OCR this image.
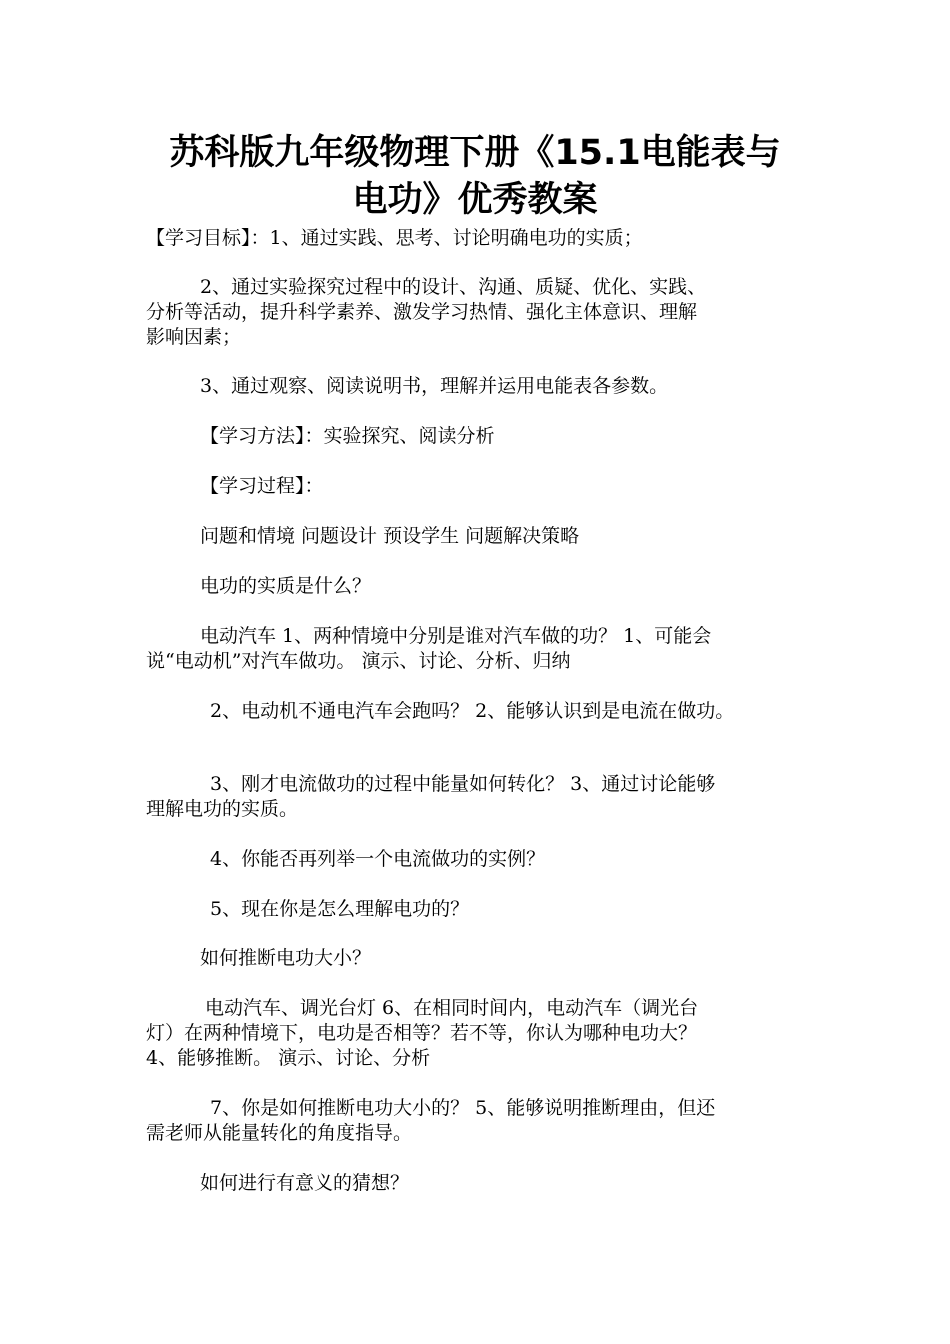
苏科版九年级物理下册《15.1电能表与
电功》优秀教案

【学习目标】：1、通过实践、思考、讨论明确电功的实质；

2、通过实验探究过程中的设计、沟通、质疑、优化、实践、

分析等活动，提升科学素养、激发学习热情、强化主体意识、理解

影响因素；

3、通过观察、阅读说明书，理解并运用电能表各参数。

【学习方法】：实验探究、阅读分析

【学习过程】：

问题和情境 问题设计 预设学生 问题解决策略

电功的实质是什么？

电动汽车 1、两种情境中分别是谁对汽车做的功？ 1、可能会

说“电动机”对汽车做功。 演示、讨论、分析、归纳

2、电动机不通电汽车会跑吗？ 2、能够认识到是电流在做功。

3、刚才电流做功的过程中能量如何转化？ 3、通过讨论能够

理解电功的实质。

4、你能否再列举一个电流做功的实例？

5、现在你是怎么理解电功的？

如何推断电功大小？

电动汽车、调光台灯 6、在相同时间内，电动汽车（调光台

灯）在两种情境下，电功是否相等？若不等，你认为哪种电功大？

4、能够推断。 演示、讨论、分析

7、你是如何推断电功大小的？ 5、能够说明推断理由，但还

需老师从能量转化的角度指导。

如何进行有意义的猜想？
